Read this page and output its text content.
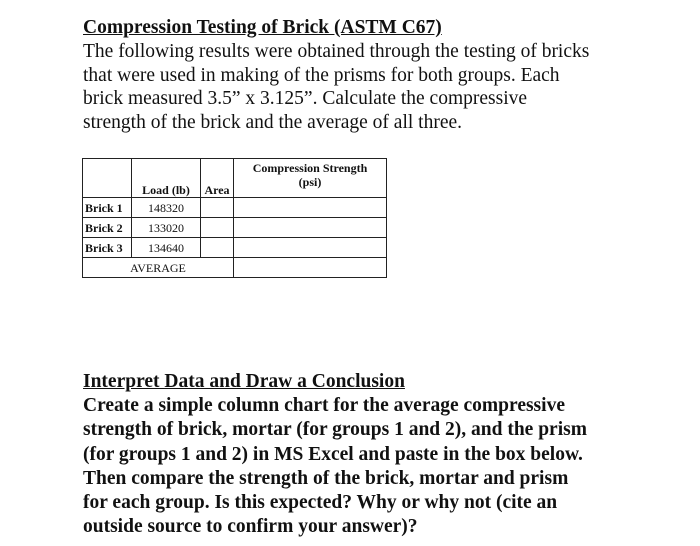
Compression Testing of Brick (ASTM C67)
The following results were obtained through the testing of bricks
that were used in making of the prisms for both groups. Each
brick measured 3.5” x 3.125”. Calculate the compressive
strength of the brick and the average of all three.
	Load (lb)	Area	Compression Strength
(psi)

Brick 1	148320		
Brick 2	133020		
Brick 3	134640		
AVERAGE			
Interpret Data and Draw a Conclusion
Create a simple column chart for the average compressive
strength of brick, mortar (for groups 1 and 2), and the prism
(for groups 1 and 2) in MS Excel and paste in the box below.
Then compare the strength of the brick, mortar and prism
for each group. Is this expected? Why or why not (cite an
outside source to confirm your answer)?
